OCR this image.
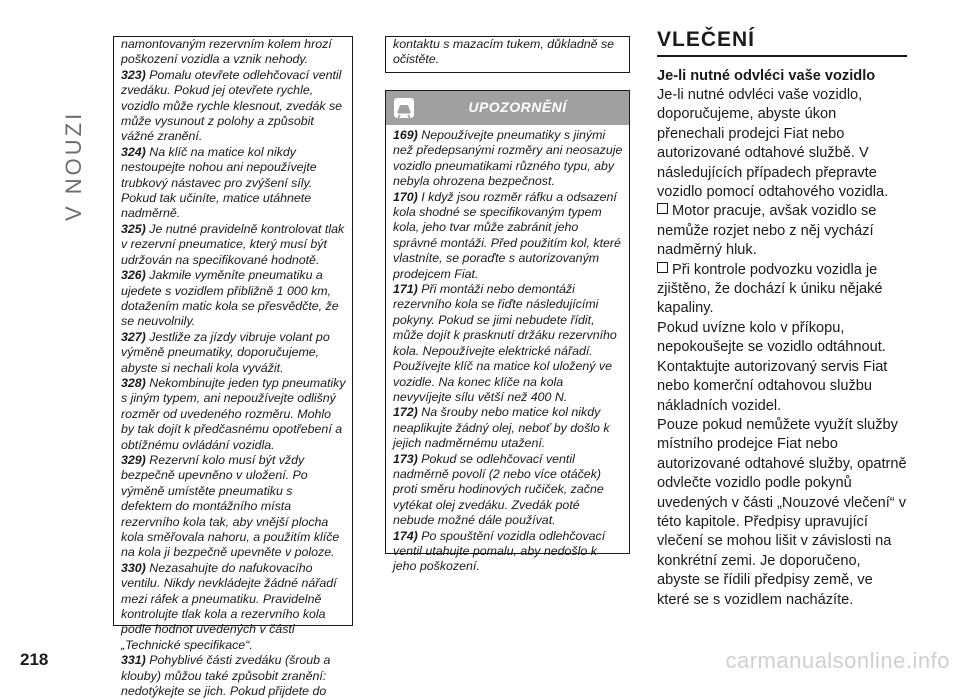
V NOUZI
namontovaným rezervním kolem hrozí poškození vozidla a vznik nehody.
323) Pomalu otevřete odlehčovací ventil zvedáku. Pokud jej otevřete rychle, vozidlo může rychle klesnout, zvedák se může vysunout z polohy a způsobit vážné zranění.
324) Na klíč na matice kol nikdy nestoupejte nohou ani nepoužívejte trubkový nástavec pro zvýšení síly. Pokud tak učiníte, matice utáhnete nadměrně.
325) Je nutné pravidelně kontrolovat tlak v rezervní pneumatice, který musí být udržován na specifikované hodnotě.
326) Jakmile vyměníte pneumatiku a ujedete s vozidlem přibližně 1 000 km, dotažením matic kola se přesvědčte, že se neuvolnily.
327) Jestliže za jízdy vibruje volant po výměně pneumatiky, doporučujeme, abyste si nechali kola vyvážit.
328) Nekombinujte jeden typ pneumatiky s jiným typem, ani nepoužívejte odlišný rozměr od uvedeného rozměru. Mohlo by tak dojít k předčasnému opotřebení a obtížnému ovládání vozidla.
329) Rezervní kolo musí být vždy bezpečně upevněno v uložení. Po výměně umístěte pneumatiku s defektem do montážního místa rezervního kola tak, aby vnější plocha kola směřovala nahoru, a použitím klíče na kola ji bezpečně upevněte v poloze.
330) Nezasahujte do nafukovacího ventilu. Nikdy nevkládejte žádné nářadí mezi ráfek a pneumatiku. Pravidelně kontrolujte tlak kola a rezervního kola podle hodnot uvedených v části „Technické specifikace“.
331) Pohyblivé části zvedáku (šroub a klouby) můžou také způsobit zranění: nedotýkejte se jich. Pokud přijdete do
kontaktu s mazacím tukem, důkladně se očistěte.
UPOZORNĚNÍ
169) Nepoužívejte pneumatiky s jinými než předepsanými rozměry ani neosazuje vozidlo pneumatikami různého typu, aby nebyla ohrozena bezpečnost.
170) I když jsou rozměr ráfku a odsazení kola shodné se specifikovaným typem kola, jeho tvar může zabránit jeho správné montáži. Před použitím kol, které vlastníte, se poraďte s autorizovaným prodejcem Fiat.
171) Při montáži nebo demontáži rezervního kola se řiďte následujícími pokyny. Pokud se jimi nebudete řídit, může dojít k prasknutí držáku rezervního kola. Nepoužívejte elektrické nářadí. Používejte klíč na matice kol uložený ve vozidle. Na konec klíče na kola nevyvíjejte sílu větší než 400 N.
172) Na šrouby nebo matice kol nikdy neaplikujte žádný olej, neboť by došlo k jejich nadměrnému utažení.
173) Pokud se odlehčovací ventil nadměrně povolí (2 nebo více otáček) proti směru hodinových ručiček, začne vytékat olej zvedáku. Zvedák poté nebude možné dále používat.
174) Po spouštění vozidla odlehčovací ventil utahujte pomalu, aby nedošlo k jeho poškození.
VLEČENÍ
Je-li nutné odvléci vaše vozidlo
Je-li nutné odvléci vaše vozidlo, doporučujeme, abyste úkon přenechali prodejci Fiat nebo autorizované odtahové službě. V následujících případech přepravte vozidlo pomocí odtahového vozidla.
Motor pracuje, avšak vozidlo se nemůže rozjet nebo z něj vychází nadměrný hluk.
Při kontrole podvozku vozidla je zjištěno, že dochází k úniku nějaké kapaliny.
Pokud uvízne kolo v příkopu, nepokoušejte se vozidlo odtáhnout. Kontaktujte autorizovaný servis Fiat nebo komerční odtahovou službu nákladních vozidel.
Pouze pokud nemůžete využít služby místního prodejce Fiat nebo autorizované odtahové služby, opatrně odvlečte vozidlo podle pokynů uvedených v části „Nouzové vlečení“ v této kapitole. Předpisy upravující vlečení se mohou lišit v závislosti na konkrétní zemi. Je doporučeno, abyste se řídili předpisy země, ve které se s vozidlem nacházíte.
218	carmanualsonline.info
